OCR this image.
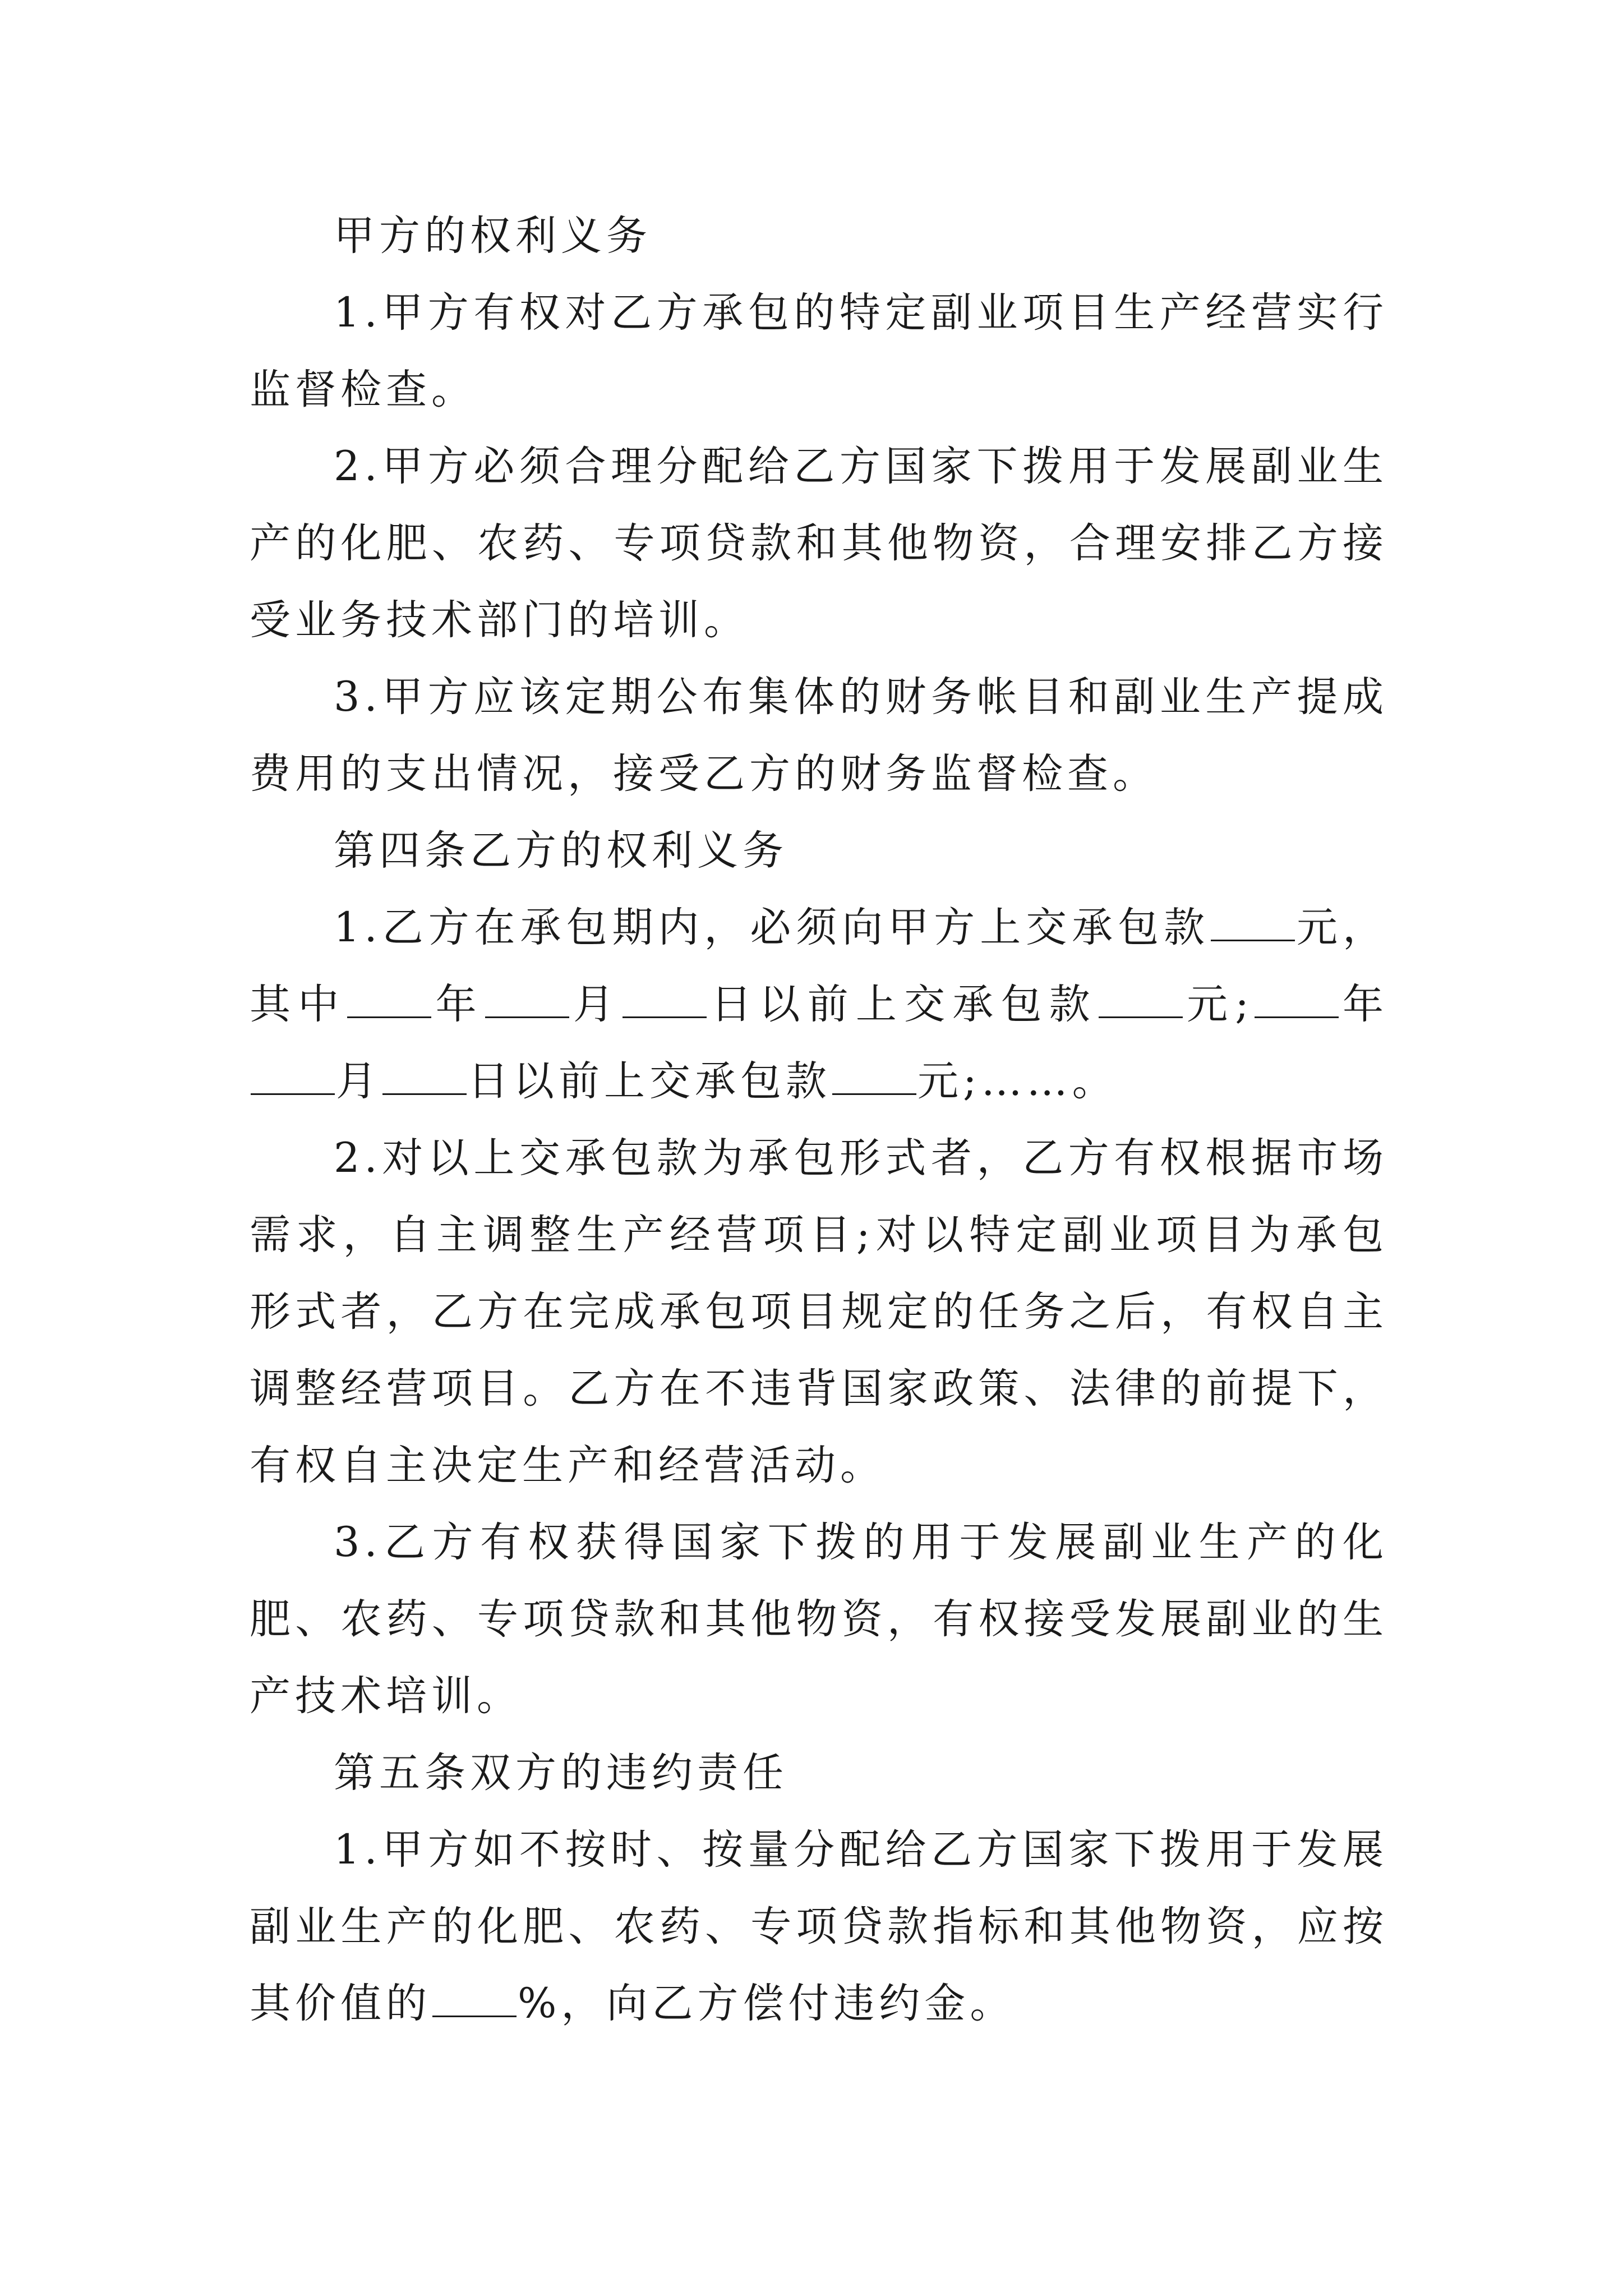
甲方的权利义务

1.甲方有权对乙方承包的特定副业项目生产经营实行监督检查。

2.甲方必须合理分配给乙方国家下拨用于发展副业生产的化肥、农药、专项贷款和其他物资，合理安排乙方接受业务技术部门的培训。

3.甲方应该定期公布集体的财务帐目和副业生产提成费用的支出情况，接受乙方的财务监督检查。

第四条乙方的权利义务

1.乙方在承包期内，必须向甲方上交承包款 元，其中 年 月 日以前上交承包款 元; 年月 日以前上交承包款 元;……。

2.对以上交承包款为承包形式者，乙方有权根据市场需求，自主调整生产经营项目;对以特定副业项目为承包形式者，乙方在完成承包项目规定的任务之后，有权自主调整经营项目。乙方在不违背国家政策、法律的前提下，有权自主决定生产和经营活动。

3.乙方有权获得国家下拨的用于发展副业生产的化肥、农药、专项贷款和其他物资，有权接受发展副业的生产技术培训。

第五条双方的违约责任

1.甲方如不按时、按量分配给乙方国家下拨用于发展副业生产的化肥、农药、专项贷款指标和其他物资，应按其价值的 %，向乙方偿付违约金。
